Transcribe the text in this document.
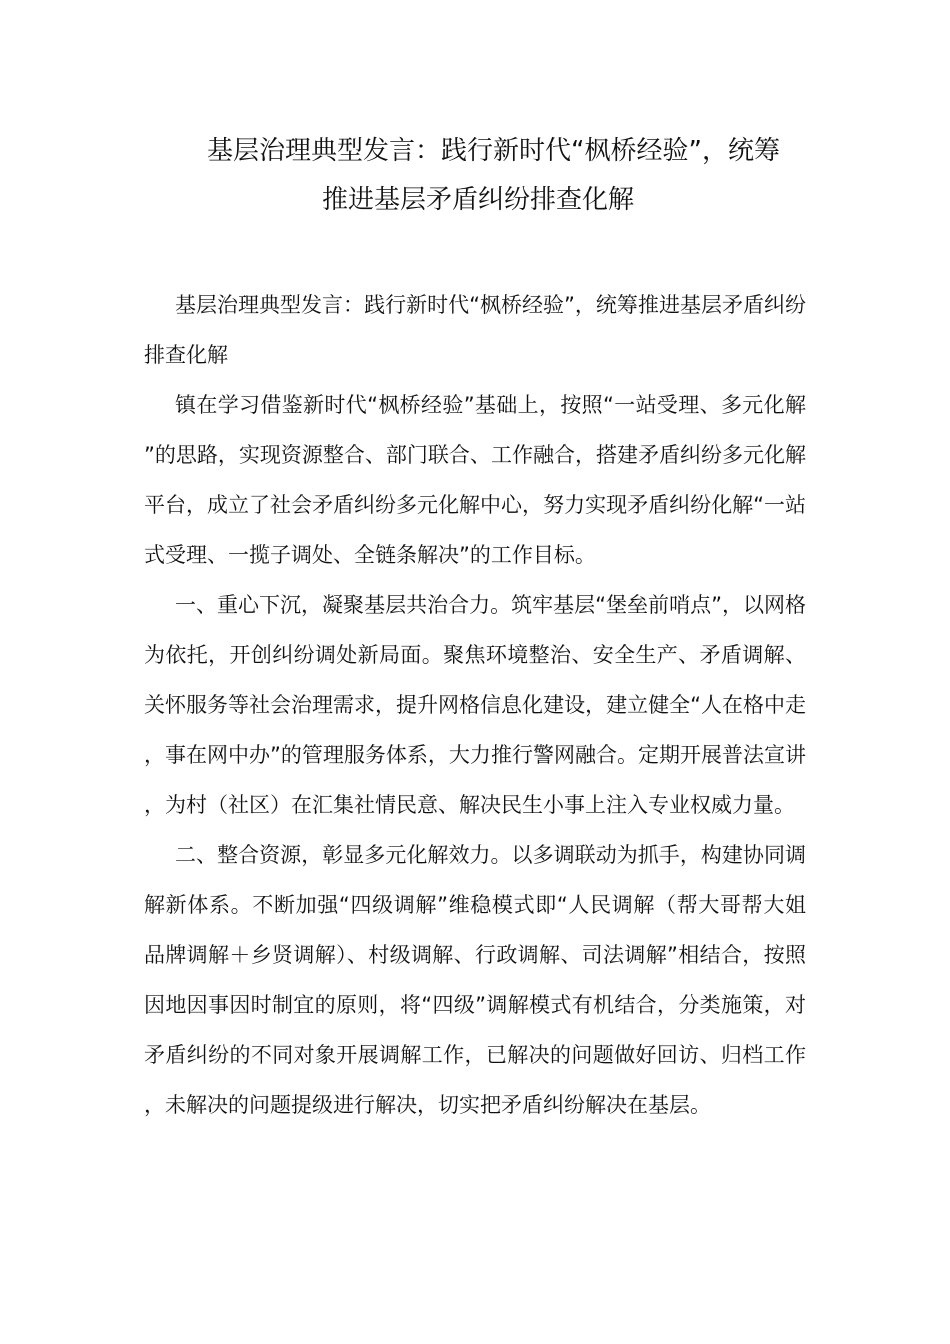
基层治理典型发言：践行新时代“枫桥经验”，统筹
推进基层矛盾纠纷排查化解

基层治理典型发言：践行新时代“枫桥经验”，统筹推进基层矛盾纠纷排查化解

镇在学习借鉴新时代“枫桥经验”基础上，按照“一站受理、多元化解”的思路，实现资源整合、部门联合、工作融合，搭建矛盾纠纷多元化解平台，成立了社会矛盾纠纷多元化解中心，努力实现矛盾纠纷化解“一站式受理、一揽子调处、全链条解决”的工作目标。

一、重心下沉，凝聚基层共治合力。筑牢基层“堡垒前哨点”，以网格为依托，开创纠纷调处新局面。聚焦环境整治、安全生产、矛盾调解、关怀服务等社会治理需求，提升网格信息化建设，建立健全“人在格中走，事在网中办”的管理服务体系，大力推行警网融合。定期开展普法宣讲，为村（社区）在汇集社情民意、解决民生小事上注入专业权威力量。

二、整合资源，彰显多元化解效力。以多调联动为抓手，构建协同调解新体系。不断加强“四级调解”维稳模式即“人民调解（帮大哥帮大姐品牌调解＋乡贤调解）、村级调解、行政调解、司法调解”相结合，按照因地因事因时制宜的原则，将“四级”调解模式有机结合，分类施策，对矛盾纠纷的不同对象开展调解工作，已解决的问题做好回访、归档工作，未解决的问题提级进行解决，切实把矛盾纠纷解决在基层。
